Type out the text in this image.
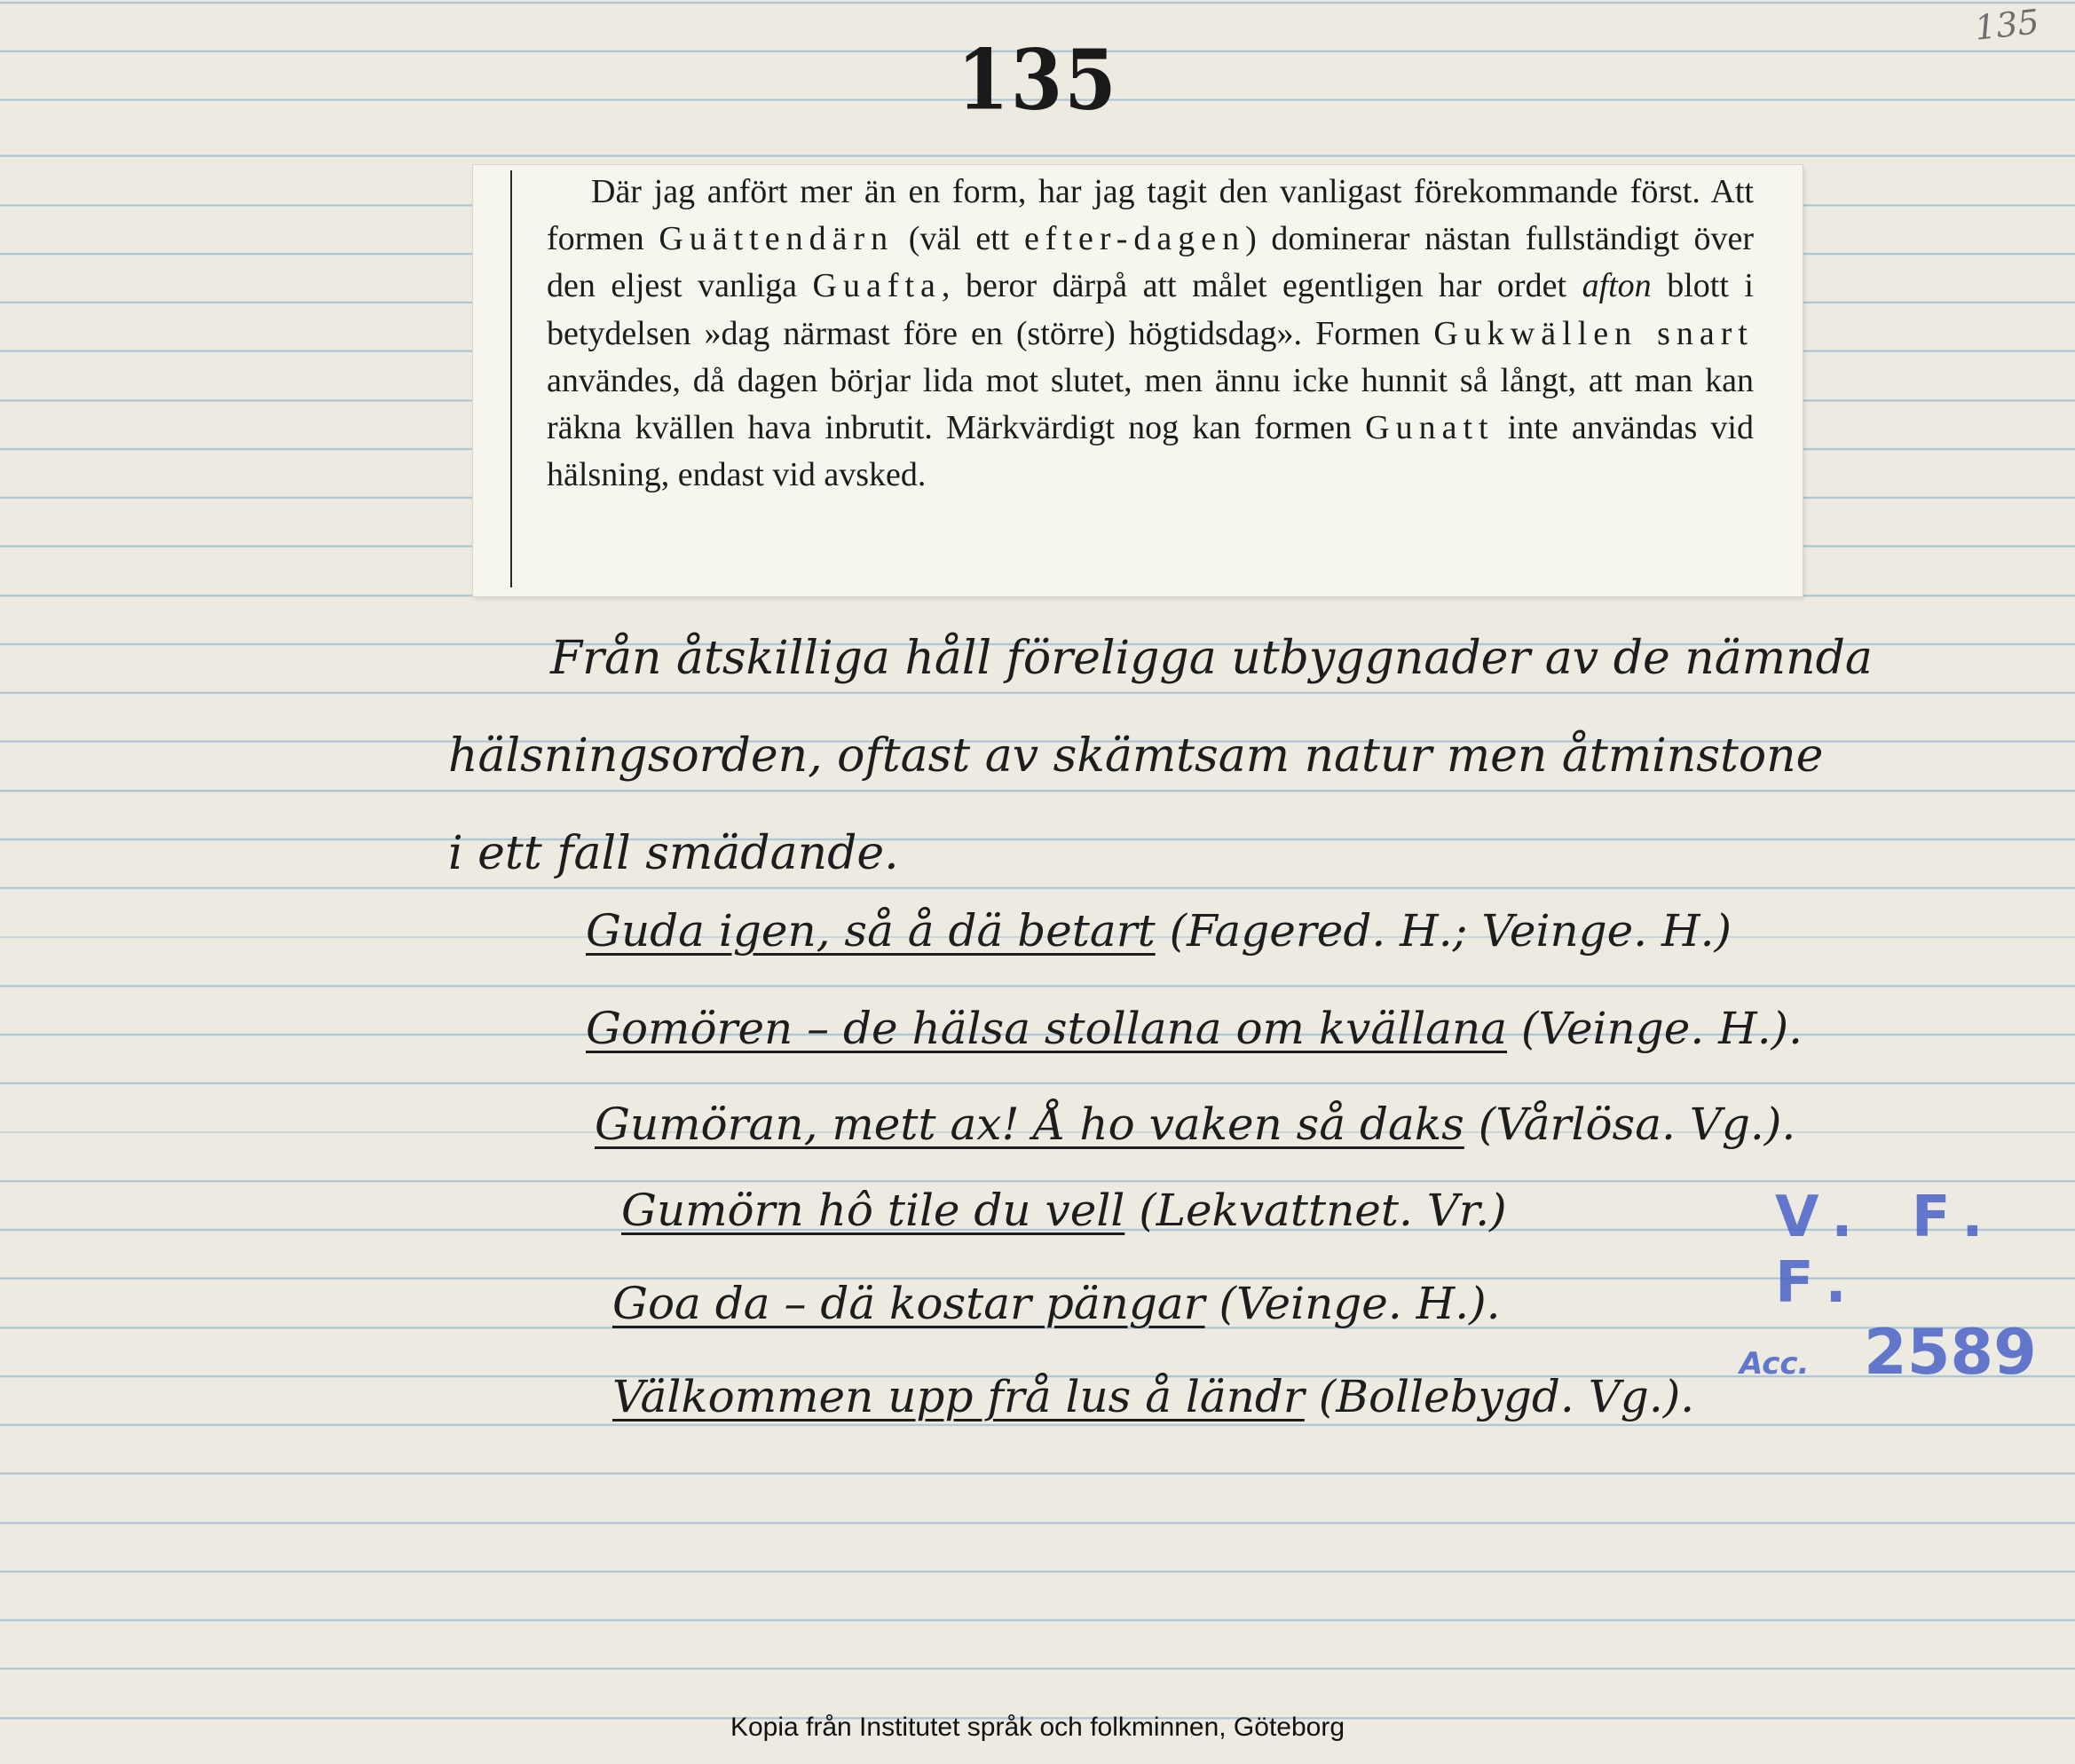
135
135

Där jag anfört mer än en form, har jag tagit den vanligast förekommande först. Att formen Guättendärn (väl ett efter-dagen) dominerar nästan fullständigt över den eljest vanliga Guafta, beror därpå att målet egentligen har ordet afton blott i betydelsen »dag närmast före en (större) högtidsdag». Formen Gukwällen snart användes, då dagen börjar lida mot slutet, men ännu icke hunnit så långt, att man kan räkna kvällen hava inbrutit. Märkvärdigt nog kan formen Gunatt inte användas vid hälsning, endast vid avsked.

Från åtskilliga håll föreligga utbyggnader av de nämnda
hälsningsorden, oftast av skämtsam natur men åtminstone
i ett fall smädande.
Guda igen, så å dä betart (Fagered. H.; Veinge. H.)
Gomören – de hälsa stollana om kvällana (Veinge. H.).
Gumöran, mett ax! Å ho vaken så daks (Vårlösa. Vg.).
Gumörn hô tile du vell (Lekvattnet. Vr.)
Goa da – dä kostar pängar (Veinge. H.).
Välkommen upp frå lus å ländr (Bollebygd. Vg.).
V. F. F.
Acc. 2589
Kopia från Institutet språk och folkminnen, Göteborg
